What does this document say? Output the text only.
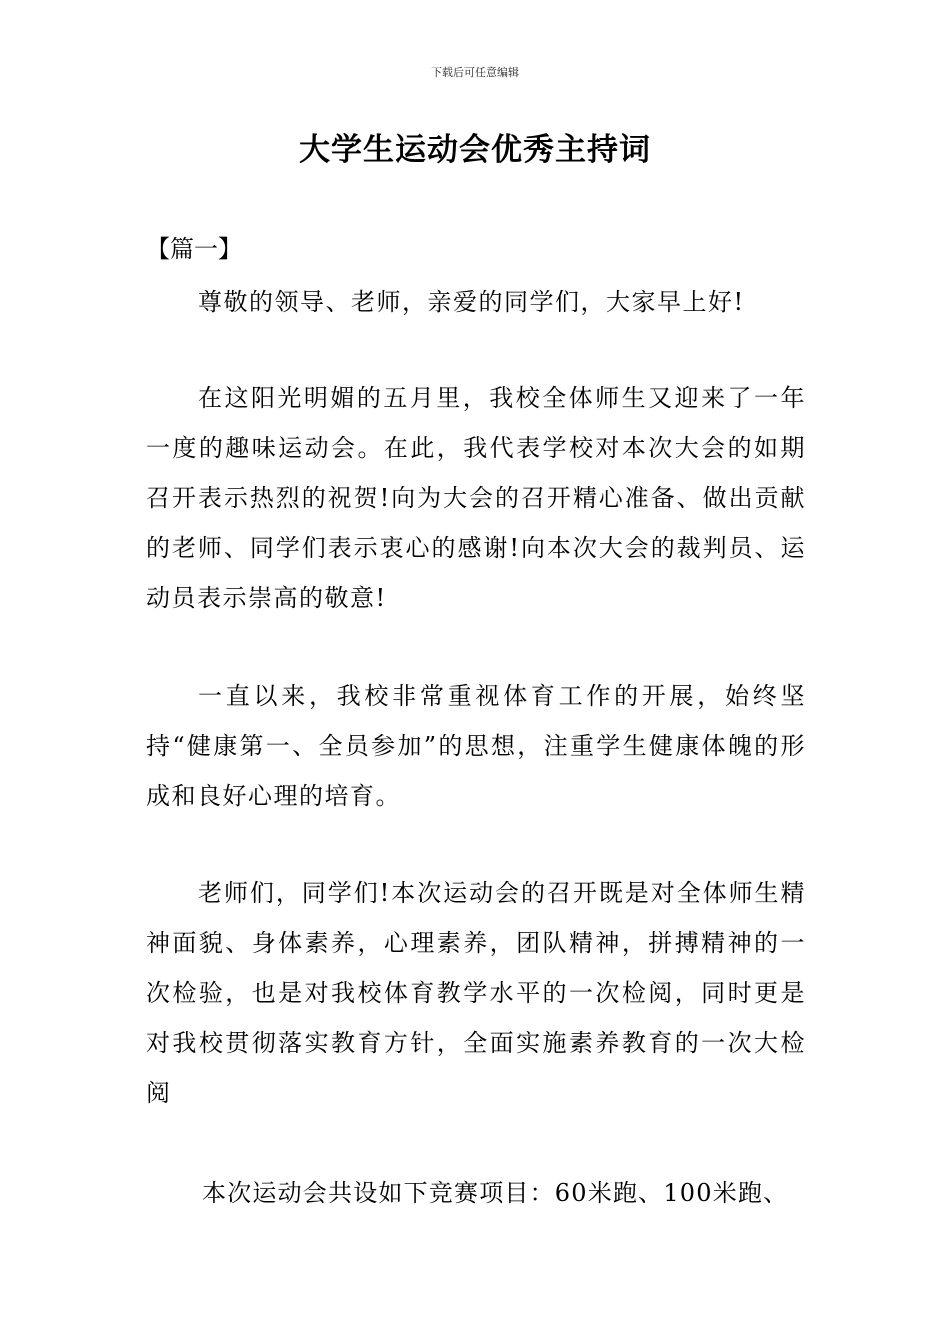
下载后可任意编辑
大学生运动会优秀主持词
【篇一】

尊敬的领导、老师，亲爱的同学们，大家早上好!

在这阳光明媚的五月里，我校全体师生又迎来了一年一度的趣味运动会。在此，我代表学校对本次大会的如期召开表示热烈的祝贺!向为大会的召开精心准备、做出贡献的老师、同学们表示衷心的感谢!向本次大会的裁判员、运动员表示崇高的敬意!

一直以来，我校非常重视体育工作的开展，始终坚持“健康第一、全员参加”的思想，注重学生健康体魄的形成和良好心理的培育。

老师们，同学们!本次运动会的召开既是对全体师生精神面貌、身体素养，心理素养，团队精神，拼搏精神的一次检验，也是对我校体育教学水平的一次检阅，同时更是对我校贯彻落实教育方针，全面实施素养教育的一次大检阅

本次运动会共设如下竞赛项目：60米跑、100米跑、
